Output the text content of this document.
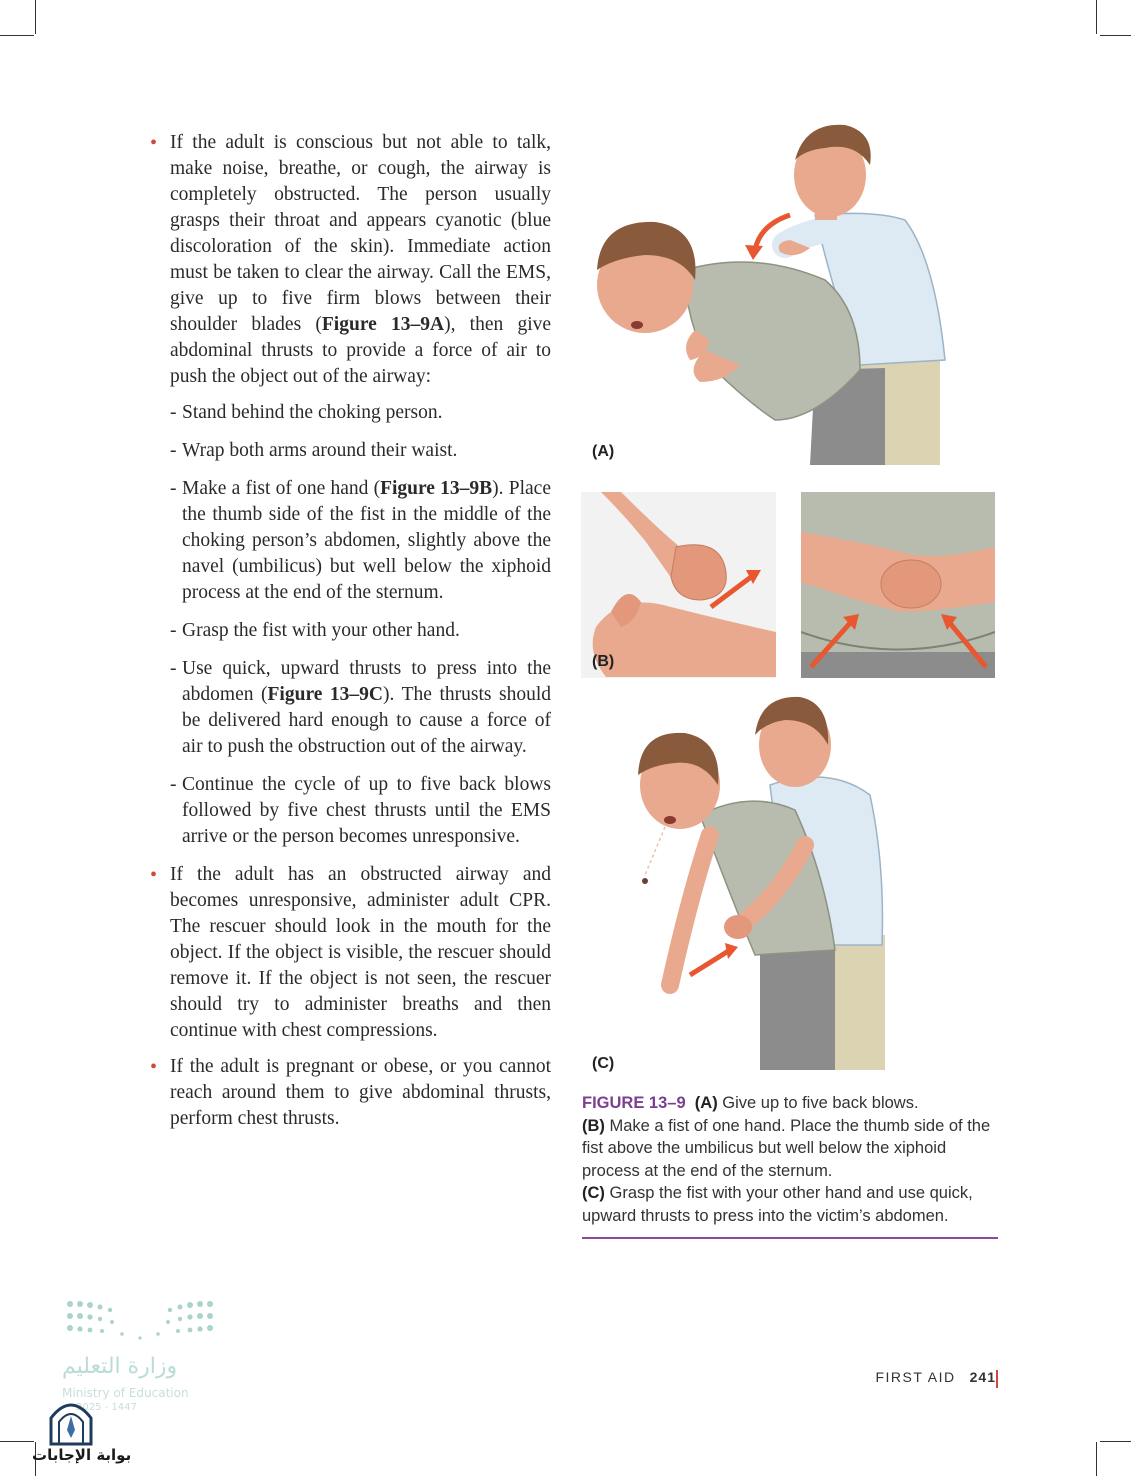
• If the adult is conscious but not able to talk, make noise, breathe, or cough, the airway is completely obstructed. The person usually grasps their throat and appears cyanotic (blue discoloration of the skin). Immediate action must be taken to clear the airway. Call the EMS, give up to five firm blows between their shoulder blades (Figure 13–9A), then give abdominal thrusts to provide a force of air to push the object out of the airway:

- Stand behind the choking person.

- Wrap both arms around their waist.

- Make a fist of one hand (Figure 13–9B). Place the thumb side of the fist in the middle of the choking person’s abdomen, slightly above the navel (umbilicus) but well below the xiphoid process at the end of the sternum.

- Grasp the fist with your other hand.

- Use quick, upward thrusts to press into the abdomen (Figure 13–9C). The thrusts should be delivered hard enough to cause a force of air to push the obstruction out of the airway.

- Continue the cycle of up to five back blows followed by five chest thrusts until the EMS arrive or the person becomes unresponsive.

• If the adult has an obstructed airway and becomes unresponsive, administer adult CPR. The rescuer should look in the mouth for the object. If the object is visible, the rescuer should remove it. If the object is not seen, the rescuer should try to administer breaths and then continue with chest compressions.

• If the adult is pregnant or obese, or you cannot reach around them to give abdominal thrusts, perform chest thrusts.

(A)
(B)
(C)
FIGURE 13–9 (A) Give up to five back blows.
(B) Make a fist of one hand. Place the thumb side of the fist above the umbilicus but well below the xiphoid process at the end of the sternum.
(C) Grasp the fist with your other hand and use quick, upward thrusts to press into the victim’s abdomen.
FIRST AID 241
وزارة التعليم
Ministry of Education
2025 - 1447
بوابة الإجابات
